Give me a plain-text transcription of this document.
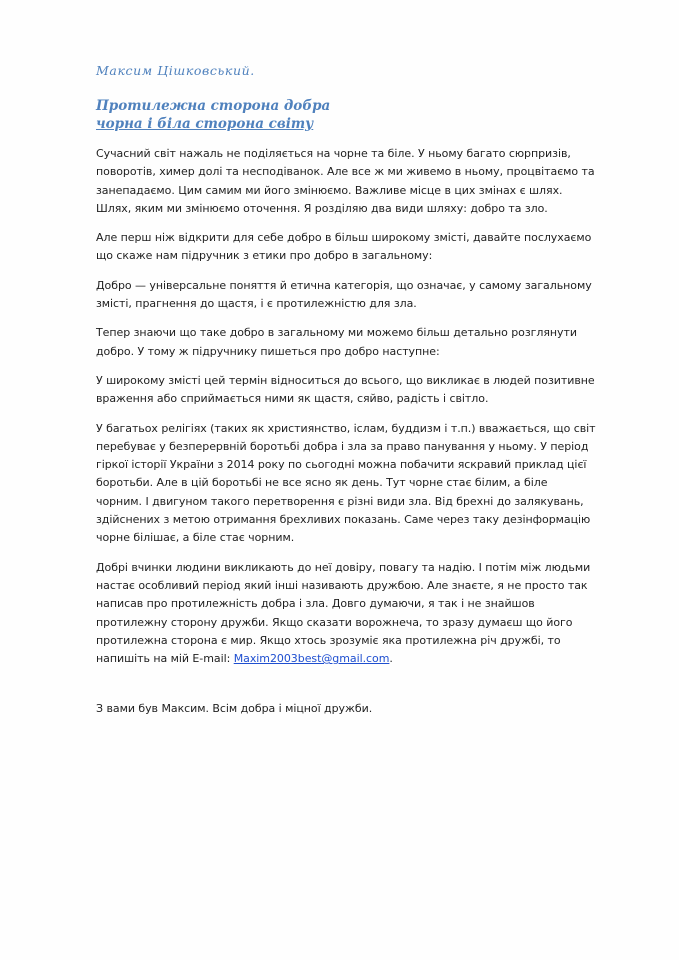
Максим Цішковський.

Протилежна сторона добра
чорна і біла сторона світу

Сучасний світ нажаль не поділяється на чорне та біле. У ньому багато сюрпризів, поворотів, химер долі та несподіванок. Але все ж ми живемо в ньому, процвітаємо та занепадаємо. Цим самим ми його змінюємо. Важливе місце в цих змінах є шлях. Шлях, яким ми змінюємо оточення. Я розділяю два види шляху: добро та зло.

Але перш ніж відкрити для себе добро в більш широкому змісті, давайте послухаємо що скаже нам підручник з етики про добро в загальному:

Добро — універсальне поняття й етична категорія, що означає, у самому загальному змісті, прагнення до щастя, і є протилежністю для зла.

Тепер знаючи що таке добро в загальному ми можемо більш детально розглянути добро. У тому ж підручнику пишеться про добро наступне:

У широкому змісті цей термін відноситься до всього, що викликає в людей позитивне враження або сприймається ними як щастя, сяйво, радість і світло.

У багатьох релігіях (таких як християнство, іслам, буддизм і т.п.) вважається, що світ перебуває у безперервній боротьбі добра і зла за право панування у ньому. У період гіркої історії України з 2014 року по сьогодні можна побачити яскравий приклад цієї боротьби. Але в цій боротьбі не все ясно як день. Тут чорне стає білим, а біле чорним. І двигуном такого перетворення є різні види зла. Від брехні до залякувань, здійснених з метою отримання брехливих показань. Саме через таку дезінформацію чорне білішає, а біле стає чорним.

Добрі вчинки людини викликають до неї довіру, повагу та надію. І потім між людьми настає особливий період який інші називають дружбою. Але знаєте, я не просто так написав про протилежність добра і зла. Довго думаючи, я так і не знайшов протилежну сторону дружби. Якщо сказати ворожнеча, то зразу думаєш що його протилежна сторона є мир. Якщо хтось зрозуміє яка протилежна річ дружбі, то напишіть на мій E-mail: Maxim2003best@gmail.com.

З вами був Максим. Всім добра і міцної дружби.
